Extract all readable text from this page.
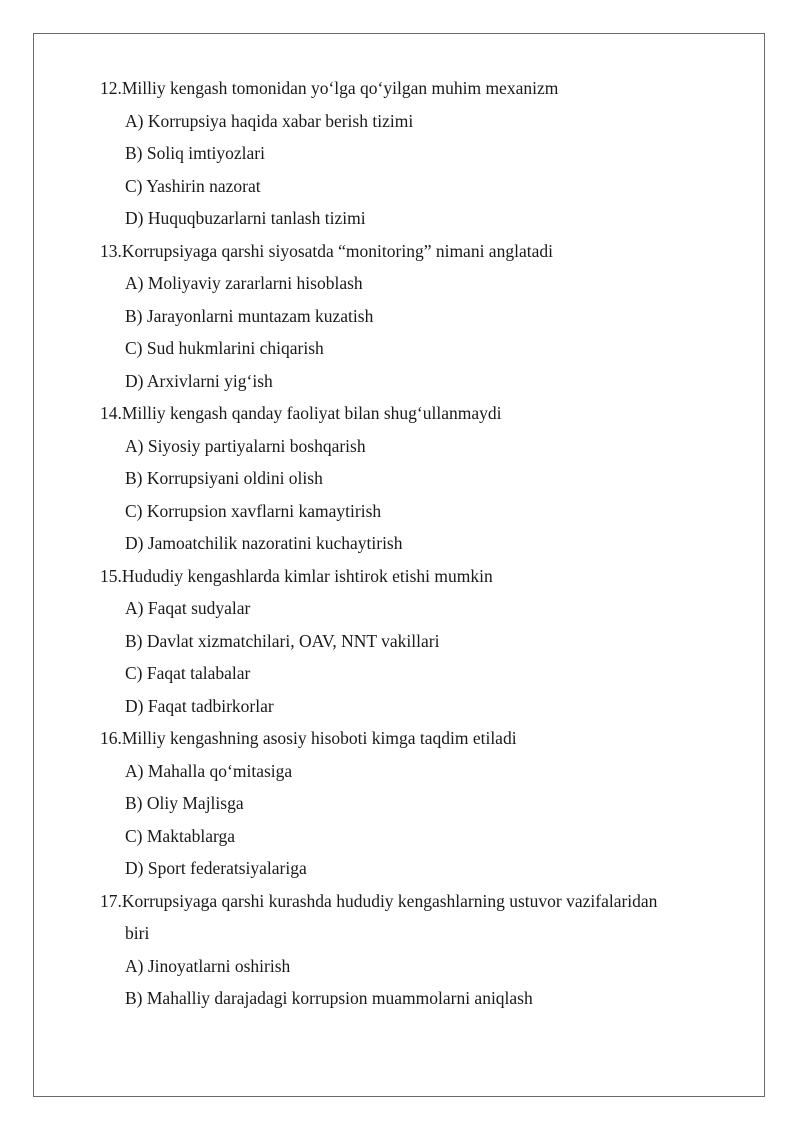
12.Milliy kengash tomonidan yo‘lga qo‘yilgan muhim mexanizm
A) Korrupsiya haqida xabar berish tizimi
B) Soliq imtiyozlari
C) Yashirin nazorat
D) Huquqbuzarlarni tanlash tizimi
13.Korrupsiyaga qarshi siyosatda “monitoring” nimani anglatadi
A) Moliyaviy zararlarni hisoblash
B) Jarayonlarni muntazam kuzatish
C) Sud hukmlarini chiqarish
D) Arxivlarni yig‘ish
14.Milliy kengash qanday faoliyat bilan shug‘ullanmaydi
A) Siyosiy partiyalarni boshqarish
B) Korrupsiyani oldini olish
C) Korrupsion xavflarni kamaytirish
D) Jamoatchilik nazoratini kuchaytirish
15.Hududiy kengashlarda kimlar ishtirok etishi mumkin
A) Faqat sudyalar
B) Davlat xizmatchilari, OAV, NNT vakillari
C) Faqat talabalar
D) Faqat tadbirkorlar
16.Milliy kengashning asosiy hisoboti kimga taqdim etiladi
A) Mahalla qo‘mitasiga
B) Oliy Majlisga
C) Maktablarga
D) Sport federatsiyalariga
17.Korrupsiyaga qarshi kurashda hududiy kengashlarning ustuvor vazifalaridan
biri
A) Jinoyatlarni oshirish
B) Mahalliy darajadagi korrupsion muammolarni aniqlash
